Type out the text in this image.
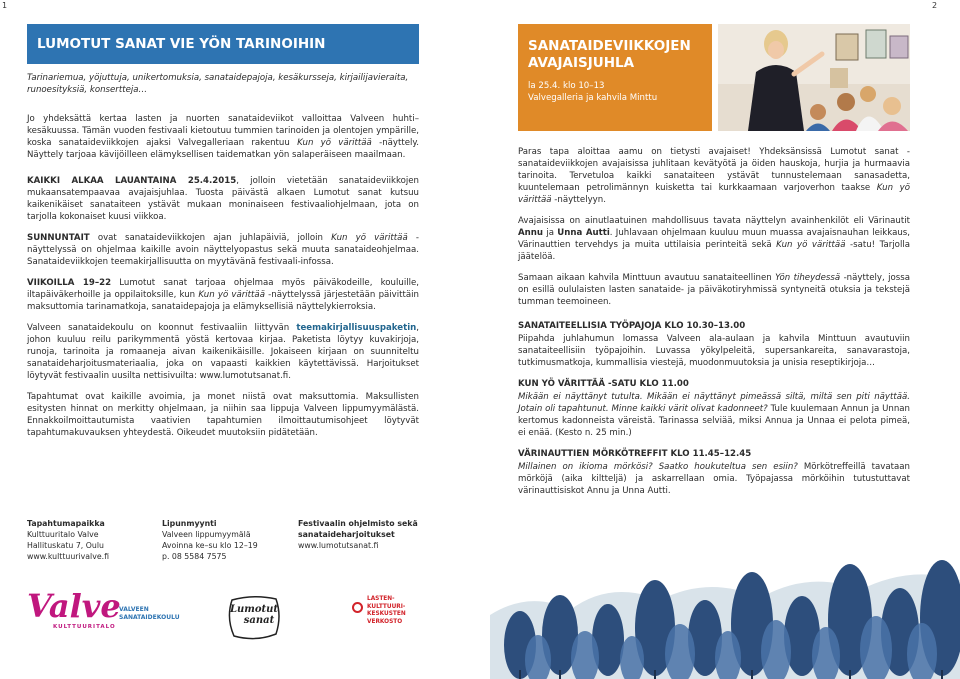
1	2
LUMOTUT SANAT VIE YÖN TARINOIHIN
Tarinariemua, yöjuttuja, unikertomuksia, sanataidepajoja, kesäkursseja, kirjailijavieraita, runoesityksiä, konsertteja…

Jo yhdeksättä kertaa lasten ja nuorten sanataideviikot valloittaa Valveen huhti–kesäkuussa. Tämän vuoden festivaali kietoutuu tummien tarinoiden ja olentojen ympärille, koska sanataideviikkojen ajaksi Valvegalleriaan rakentuu Kun yö värittää -näyttely. Näyttely tarjoaa kävijöilleen elämyksellisen taidematkan yön salaperäiseen maailmaan.

KAIKKI ALKAA LAUANTAINA 25.4.2015, jolloin vietetään sanataideviikkojen mukaansatempaavaa avajaisjuhlaa. Tuosta päivästä alkaen Lumotut sanat kutsuu kaikenikäiset sanataiteen ystävät mukaan moninaiseen festivaaliohjelmaan, jota on tarjolla kokonaiset kuusi viikkoa.

SUNNUNTAIT ovat sanataideviikkojen ajan juhlapäiviä, jolloin Kun yö värittää -näyttelyssä on ohjelmaa kaikille avoin näyttelyopastus sekä muuta sanataideohjelmaa. Sanataideviikkojen teemakirjallisuutta on myytävänä festivaali-infossa.

VIIKOILLA 19–22 Lumotut sanat tarjoaa ohjelmaa myös päiväkodeille, kouluille, iltapäiväkerhoille ja oppilaitoksille, kun Kun yö värittää -näyttelyssä järjestetään päivittäin maksuttomia tarinamatkoja, sanataidepajoja ja elämyksellisiä näyttelykierroksia.

Valveen sanataidekoulu on koonnut festivaaliin liittyvän teemakirjallisuuspaketin, johon kuuluu reilu parikymmentä yöstä kertovaa kirjaa. Paketista löytyy kuvakirjoja, runoja, tarinoita ja romaaneja aivan kaikenikäisille. Jokaiseen kirjaan on suunniteltu sanataideharjoitusmateriaalia, joka on vapaasti kaikkien käytettävissä. Harjoitukset löytyvät festivaalin uusilta nettisivuilta: www.lumotutsanat.fi.

Tapahtumat ovat kaikille avoimia, ja monet niistä ovat maksuttomia. Maksullisten esitysten hinnat on merkitty ohjelmaan, ja niihin saa lippuja Valveen lippumyymälästä. Ennakkoilmoittautumista vaativien tapahtumien ilmoittautumisohjeet löytyvät tapahtumakuvauksen yhteydestä. Oikeudet muutoksiin pidätetään.

Tapahtumapaikka
Kulttuuritalo Valve
Hallituskatu 7, Oulu
www.kulttuurivalve.fi
Lipunmyynti
Valveen lippumyymälä
Avoinna ke–su klo 12–19
p. 08 5584 7575
Festivaalin ohjelmisto sekä sanataideharjoitukset
www.lumotutsanat.fi
Valve
KULTTUURITALO
VALVEEN
SANATAIDEKOULU
Lumotut
sanat
LASTEN-
KULTTUURI-
KESKUSTEN
VERKOSTO
SANATAIDEVIIKKOJEN AVAJAISJUHLA
la 25.4. klo 10–13
Valvegalleria ja kahvila Minttu

Paras tapa aloittaa aamu on tietysti avajaiset! Yhdeksänsissä Lumotut sanat -sanataideviikkojen avajaisissa juhlitaan kevätyötä ja öiden hauskoja, hurjia ja hurmaavia tarinoita. Tervetuloa kaikki sanataiteen ystävät tunnustelemaan sanasadetta, kuuntelemaan petrolimännyn kuisketta tai kurkkaamaan varjoverhon taakse Kun yö värittää -näyttelyyn.

Avajaisissa on ainutlaatuinen mahdollisuus tavata näyttelyn avainhenkilöt eli Värinautit Annu ja Unna Autti. Juhlavaan ohjelmaan kuuluu muun muassa avajaisnauhan leikkaus, Värinauttien tervehdys ja muita uttilaisia perinteitä sekä Kun yö värittää -satu! Tarjolla jäätelöä.

Samaan aikaan kahvila Minttuun avautuu sanataiteellinen Yön tiheydessä -näyttely, jossa on esillä oululaisten lasten sanataide- ja päiväkotiryhmissä syntyneitä otuksia ja tekstejä tumman teemoineen.

SANATAITEELLISIA TYÖPAJOJA KLO 10.30–13.00
Piipahda juhlahumun lomassa Valveen ala-aulaan ja kahvila Minttuun avautuviin sanataiteellisiin työpajoihin. Luvassa yökylpeleitä, supersankareita, sanavarastoja, tutkimusmatkoja, kummallisia viestejä, muodonmuutoksia ja unisia reseptikirjoja…

KUN YÖ VÄRITTÄÄ -SATU KLO 11.00
Mikään ei näyttänyt tutulta. Mikään ei näyttänyt pimeässä siltä, miltä sen piti näyttää. Jotain oli tapahtunut. Minne kaikki värit olivat kadonneet? Tule kuulemaan Annun ja Unnan kertomus kadonneista väreistä. Tarinassa selviää, miksi Annua ja Unnaa ei pelota pimeä, ei enää. (Kesto n. 25 min.)

VÄRINAUTTIEN MÖRKÖTREFFIT KLO 11.45–12.45
Millainen on ikioma mörkösi? Saatko houkuteltua sen esiin? Mörkötreffeillä tavataan mörköjä (aika kiltteljä) ja askarrellaan omia. Työpajassa mörköihin tutustuttavat värinauttisiskot Annu ja Unna Autti.
